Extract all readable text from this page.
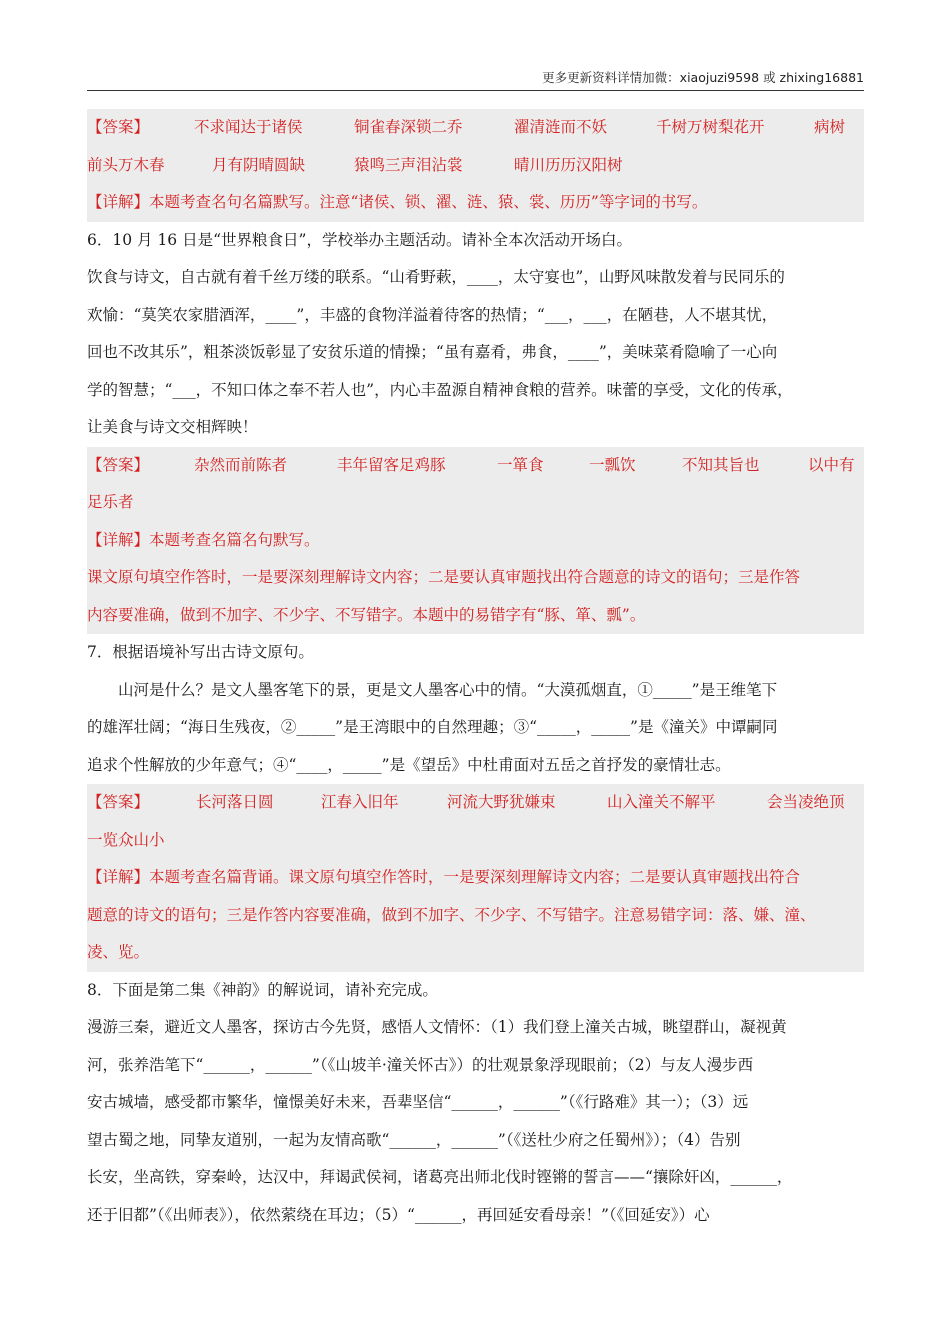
更多更新资料详情加微：xiaojuzi9598 或 zhixing16881
【答案】	不求闻达于诸侯	铜雀春深锁二乔	濯清涟而不妖	千树万树梨花开	病树
前头万木春	月有阴晴圆缺	猿鸣三声泪沾裳	晴川历历汉阳树
【详解】本题考查名句名篇默写。注意“诸侯、锁、濯、涟、猿、裳、历历”等字词的书写。
6．10 月 16 日是“世界粮食日”，学校举办主题活动。请补全本次活动开场白。
饮食与诗文，自古就有着千丝万缕的联系。“山肴野蔌，____，太守宴也”，山野风味散发着与民同乐的
欢愉：“莫笑农家腊酒浑，____”，丰盛的食物洋溢着待客的热情；“___，___，在陋巷，人不堪其忧，
回也不改其乐”，粗茶淡饭彰显了安贫乐道的情操；“虽有嘉肴，弗食，____”，美味菜肴隐喻了一心向
学的智慧；“___，不知口体之奉不若人也”，内心丰盈源自精神食粮的营养。味蕾的享受，文化的传承，
让美食与诗文交相辉映！
【答案】	杂然而前陈者	丰年留客足鸡豚	一箪食	一瓢饮	不知其旨也	以中有
足乐者
【详解】本题考查名篇名句默写。
课文原句填空作答时，一是要深刻理解诗文内容；二是要认真审题找出符合题意的诗文的语句；三是作答
内容要准确，做到不加字、不少字、不写错字。本题中的易错字有“豚、箪、瓢”。
7．根据语境补写出古诗文原句。
山河是什么？是文人墨客笔下的景，更是文人墨客心中的情。“大漠孤烟直，①_____”是王维笔下
的雄浑壮阔；“海日生残夜，②_____”是王湾眼中的自然理趣；③“_____，_____”是《潼关》中谭嗣同
追求个性解放的少年意气；④“____，_____”是《望岳》中杜甫面对五岳之首抒发的豪情壮志。
【答案】	长河落日圆	江春入旧年	河流大野犹嫌束	山入潼关不解平	会当凌绝顶
一览众山小
【详解】本题考查名篇背诵。课文原句填空作答时，一是要深刻理解诗文内容；二是要认真审题找出符合
题意的诗文的语句；三是作答内容要准确，做到不加字、不少字、不写错字。注意易错字词：落、嫌、潼、
凌、览。
8．下面是第二集《神韵》的解说词，请补充完成。
漫游三秦，避近文人墨客，探访古今先贤，感悟人文情怀：（1）我们登上潼关古城，眺望群山，凝视黄
河，张养浩笔下“______，______”（《山坡羊·潼关怀古》）的壮观景象浮现眼前；（2）与友人漫步西
安古城墙，感受都市繁华，憧憬美好未来，吾辈坚信“______，______”（《行路难》其一）；（3）远
望古蜀之地，同挚友道别，一起为友情高歌“______，______”（《送杜少府之任蜀州》）；（4）告别
长安，坐高铁，穿秦岭，达汉中，拜谒武侯祠，诸葛亮出师北伐时铿锵的誓言——“攘除奸凶，______，
还于旧都”（《出师表》），依然萦绕在耳边；（5）“______，再回延安看母亲！”（《回延安》）心
